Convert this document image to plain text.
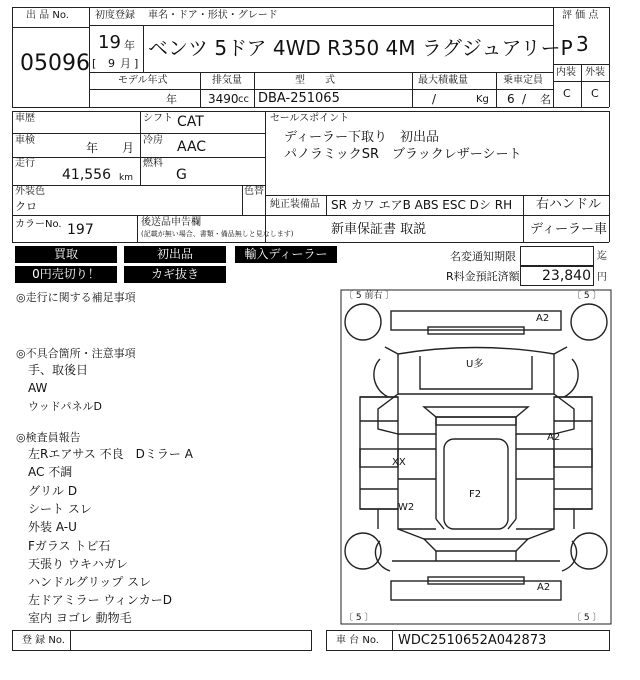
出 品 No.
05096
初度登録
19 年
[ 9 月 ]
車名・ドア・形状・グレード
ベンツ 5ドア 4WD R350 4M ラグジュアリーP
評 価 点
3
内装 外装
C C
モデル年式
年
排気量
3490 cc
型　　式
DBA-251065
最大積載量
/	Kg
乗車定員
6 / 名
車歴	シフト CAT
車検
年 月
冷房 AAC
走行
41,556 km
燃料
G
外装色
クロ
色替
カラーNo. 197	後送品申告欄
(記載が無い場合、書類・備品無しと見なします)
セールスポイント
ディーラー下取り　初出品
パノラミックSR　ブラックレザーシート
純正装備品 SR カワ エアB ABS ESC Dシ RH 右ハンドル
新車保証書 取説	ディーラー車
買取	初出品	輸入ディーラー
0円売切り！	カギ抜き
名変通知期限	迄
R料金預託済額 23,840 円
◎走行に関する補足事項
◎不具合箇所・注意事項
手、取後日
AW
ウッドパネルD
◎検査員報告
左Rエアサス 不良　Dミラー A
AC 不調
グリル D
シート スレ
外装 A-U
Fガラス トビ石
天張り ウキハガレ
ハンドルグリップ スレ
左ドアミラー ウィンカーD
室内 ヨゴレ 動物毛
〔 5 前右 〕	〔 5 〕
〔 5 〕	〔 5 〕
A2
U多
A2
XX
W2
F2
A2
登 録 No.	車 台 No. WDC2510652A042873
